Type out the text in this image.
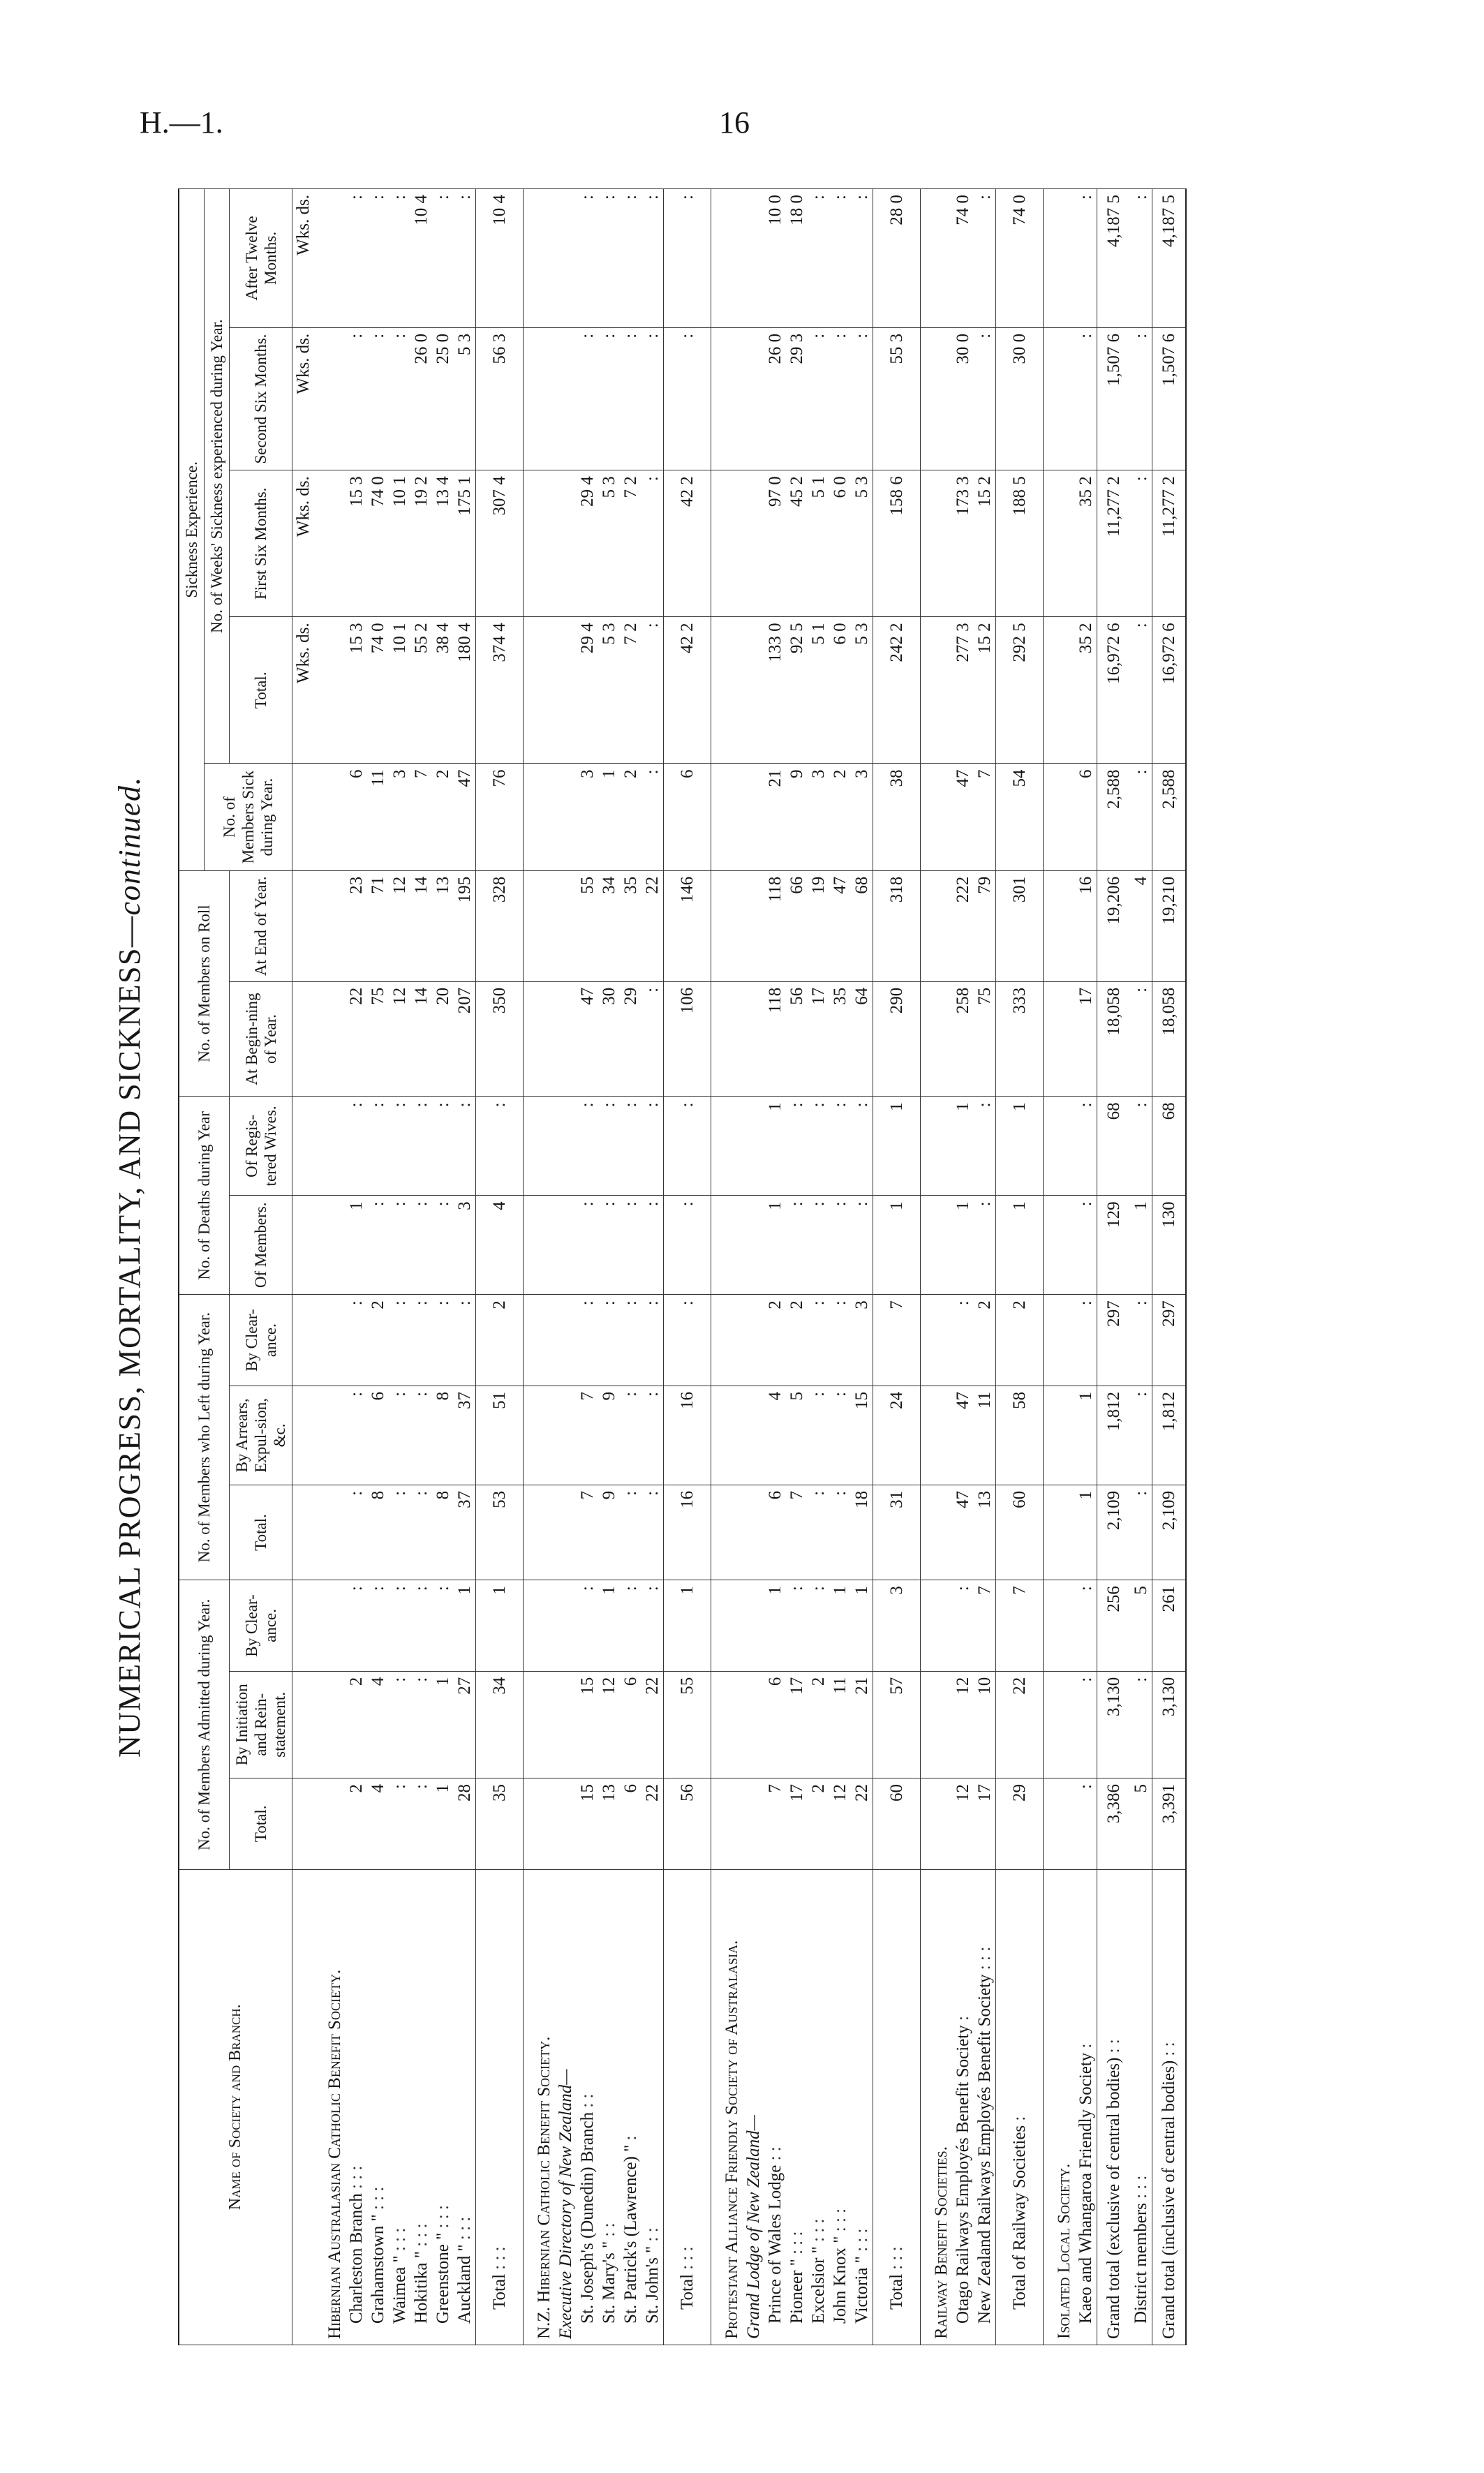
H.—1.	16
NUMERICAL PROGRESS, MORTALITY, AND SICKNESS—continued.
Name of Society and Branch.	No. of Members Admitted during Year.			No. of Members who Left during Year.			No. of Deaths during Year		No. of Members on Roll		Sickness Experience.				
											No. of Members Sick during Year.	No. of Weeks' Sickness experienced during Year.			
	Total.	By Initiation and Rein-statement.	By Clear-ance.	Total.	By Arrears, Expul-sion, &c.	By Clear-ance.	Of Members.	Of Regis-tered Wives.	At Begin-ning of Year.	At End of Year.		Total.	First Six Months.	Second Six Months.	After Twelve Months.
												Wks. ds.	Wks. ds.	Wks. ds.	Wks. ds.
Hibernian Australasian Catholic Benefit Society.															
Charleston Branch : : :	2	2	:	:	:	:	1	:	22	23	6	15 3	15 3	:	:
Grahamstown " : : :	4	4	:	8	6	2	:	:	75	71	11	74 0	74 0	:	:
Waimea " : : :	:	:	:	:	:	:	:	:	12	12	3	10 1	10 1	:	:
Hokitika " : : :	:	:	:	:	:	:	:	:	14	14	7	55 2	19 2	26 0	10 4
Greenstone " : : :	1	1	:	8	8	:	:	:	20	13	2	38 4	13 4	25 0	:
Auckland " : : :	28	27	1	37	37	:	3	:	207	195	47	180 4	175 1	5 3	:
Total : : :	35	34	1	53	51	2	4	:	350	328	76	374 4	307 4	56 3	10 4
N.Z. Hibernian Catholic Benefit Society.															
Executive Directory of New Zealand—															
St. Joseph's (Dunedin) Branch : :	15	15	:	7	7	:	:	:	47	55	3	29 4	29 4	:	:
St. Mary's " : :	13	12	1	9	9	:	:	:	30	34	1	5 3	5 3	:	:
St. Patrick's (Lawrence) " :	6	6	:	:	:	:	:	:	29	35	2	7 2	7 2	:	:
St. John's " : :	22	22	:	:	:	:	:	:	:	22	:	:	:	:	:
Total : : :	56	55	1	16	16	:	:	:	106	146	6	42 2	42 2	:	:
Protestant Alliance Friendly Society of Australasia.															
Grand Lodge of New Zealand—															
Prince of Wales Lodge : :	7	6	1	6	4	2	1	1	118	118	21	133 0	97 0	26 0	10 0
Pioneer " : : :	17	17	:	7	5	2	:	:	56	66	9	92 5	45 2	29 3	18 0
Excelsior " : : :	2	2	:	:	:	:	:	:	17	19	3	5 1	5 1	:	:
John Knox " : : :	12	11	1	:	:	:	:	:	35	47	2	6 0	6 0	:	:
Victoria " : : :	22	21	1	18	15	3	:	:	64	68	3	5 3	5 3	:	:
Total : : :	60	57	3	31	24	7	1	1	290	318	38	242 2	158 6	55 3	28 0
Railway Benefit Societies.															
Otago Railways Employés Benefit Society :	12	12	:	47	47	:	1	1	258	222	47	277 3	173 3	30 0	74 0
New Zealand Railways Employés Benefit Society : : :	17	10	7	13	11	2	:	:	75	79	7	15 2	15 2	:	:
Total of Railway Societies :	29	22	7	60	58	2	1	1	333	301	54	292 5	188 5	30 0	74 0
Isolated Local Society.															
Kaeo and Whangaroa Friendly Society :	:	:	:	1	1	:	:	:	17	16	6	35 2	35 2	:	:
Grand total (exclusive of central bodies) : :	3,386	3,130	256	2,109	1,812	297	129	68	18,058	19,206	2,588	16,972 6	11,277 2	1,507 6	4,187 5
District members : : :	5	:	5	:	:	:	1	:	:	4	:	:	:	:	:
Grand total (inclusive of central bodies) : :	3,391	3,130	261	2,109	1,812	297	130	68	18,058	19,210	2,588	16,972 6	11,277 2	1,507 6	4,187 5
